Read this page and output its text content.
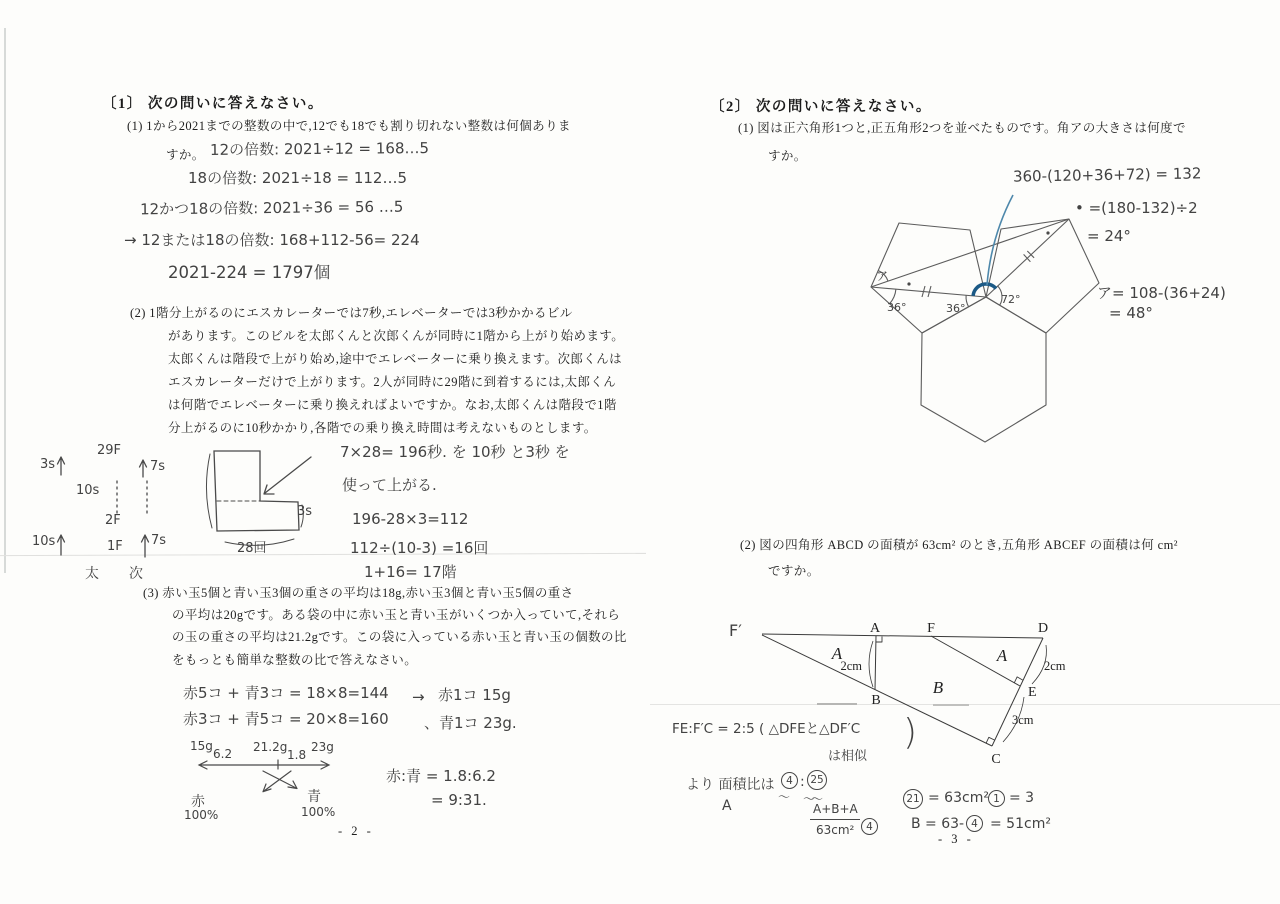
〔1〕 次の問いに答えなさい。
(1) 1から2021までの整数の中で,12でも18でも割り切れない整数は何個ありま
すか。 12の倍数: 2021÷12 = 168…5
18の倍数: 2021÷18 = 112…5
12かつ18の倍数: 2021÷36 = 56 …5
→ 12または18の倍数: 168+112-56= 224
2021-224 = 1797個
(2) 1階分上がるのにエスカレーターでは7秒,エレベーターでは3秒かかるビル
があります。このビルを太郎くんと次郎くんが同時に1階から上がり始めます。
太郎くんは階段で上がり始め,途中でエレベーターに乗り換えます。次郎くんは
エスカレーターだけで上がります。2人が同時に29階に到着するには,太郎くん
は何階でエレベーターに乗り換えればよいですか。なお,太郎くんは階段で1階
分上がるのに10秒かかり,各階での乗り換え時間は考えないものとします。
3s
29F
7s
2F
10s	1F 7s
太 次
10s
3s
28回
7×28= 196秒. を 10秒 と3秒 を
使って上がる.
196-28×3=112
112÷(10-3) =16回
1+16= 17階
(3) 赤い玉5個と青い玉3個の重さの平均は18g,赤い玉3個と青い玉5個の重さ
の平均は20gです。ある袋の中に赤い玉と青い玉がいくつか入っていて,それら
の玉の重さの平均は21.2gです。この袋に入っている赤い玉と青い玉の個数の比
をもっとも簡単な整数の比で答えなさい。
赤5コ + 青3コ = 18×8=144 → 赤1コ 15g
赤3コ + 青5コ = 20×8=160 、青1コ 23g.
15g
6.2 21.2g
1.8
23g
赤
100%
青
100%
赤:青 = 1.8:6.2
= 9:31.
- 2 -
〔2〕 次の問いに答えなさい。
(1) 図は正六角形1つと,正五角形2つを並べたものです。角アの大きさは何度で
すか。
360-(120+36+72) = 132
• =(180-132)÷2
= 24°
ア= 108-(36+24)
= 48°
ア
36°	36°
72°
(2) 図の四角形 ABCD の面積が 63cm² のとき,五角形 ABCEF の面積は何 cm²
ですか。
F′	A	F	D
B
E
C
A
B
A
2cm	2cm
3cm
FE:F′C = 2:5 ( △DFEと△DF′C )
は相似
より 面積比は	4 : 25
〜 〜〜
A	A+B+A
63cm²	4
21 = 63cm² 1 = 3
B = 63- 4 = 51cm²
- 3 -
